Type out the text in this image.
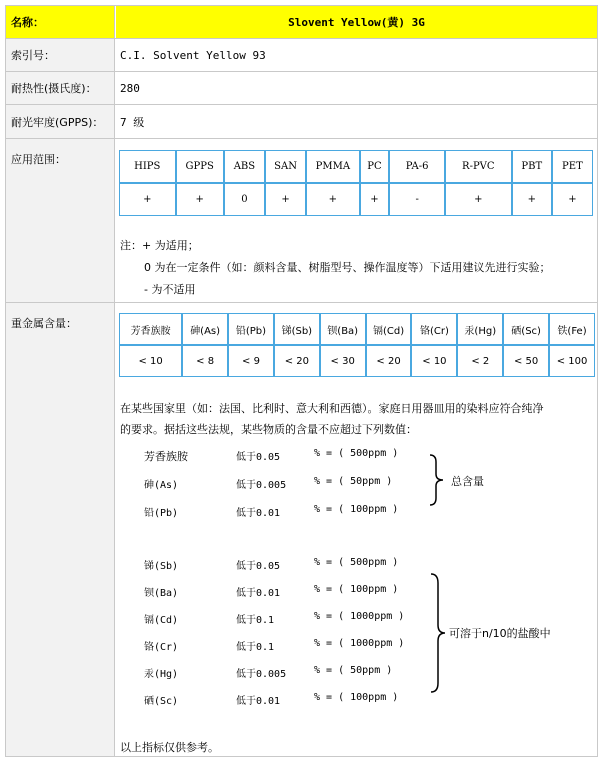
名称：	Slovent Yellow(黄) 3G
索引号：	C.I. Solvent Yellow 93
耐热性(摄氏度)：	280
耐光牢度(GPPS)：	7 级
应用范围：
HIPS	GPPS	ABS	SAN	PMMA	PC	PA-6	R-PVC	PBT	PET
+	+	0	+	+	+	-	+	+	+
注：+ 为适用；
0 为在一定条件（如：颜料含量、树脂型号、操作温度等）下适用建议先进行实验；
- 为不适用
重金属含量：
芳香族胺	砷(As)	铅(Pb)	锑(Sb)	钡(Ba)	镉(Cd)	铬(Cr)	汞(Hg)	硒(Sc)	铁(Fe)
< 10	< 8	< 9	< 20	< 30	< 20	< 10	< 2	< 50	< 100
在某些国家里（如：法国、比利时、意大利和西德）。家庭日用器皿用的染料应符合纯净
的要求。据括这些法规，某些物质的含量不应超过下列数值：
芳香族胺	低于0.05	% = ( 500ppm )
砷(As)	低于0.005	% = ( 50ppm )
铅(Pb)	低于0.01	% = ( 100ppm )
总含量
锑(Sb)	低于0.05	% = ( 500ppm )
钡(Ba)	低于0.01	% = ( 100ppm )
镉(Cd)	低于0.1	% = ( 1000ppm )
铬(Cr)	低于0.1	% = ( 1000ppm )
汞(Hg)	低于0.005	% = ( 50ppm )
硒(Sc)	低于0.01	% = ( 100ppm )
可溶于n/10的盐酸中
以上指标仅供参考。
